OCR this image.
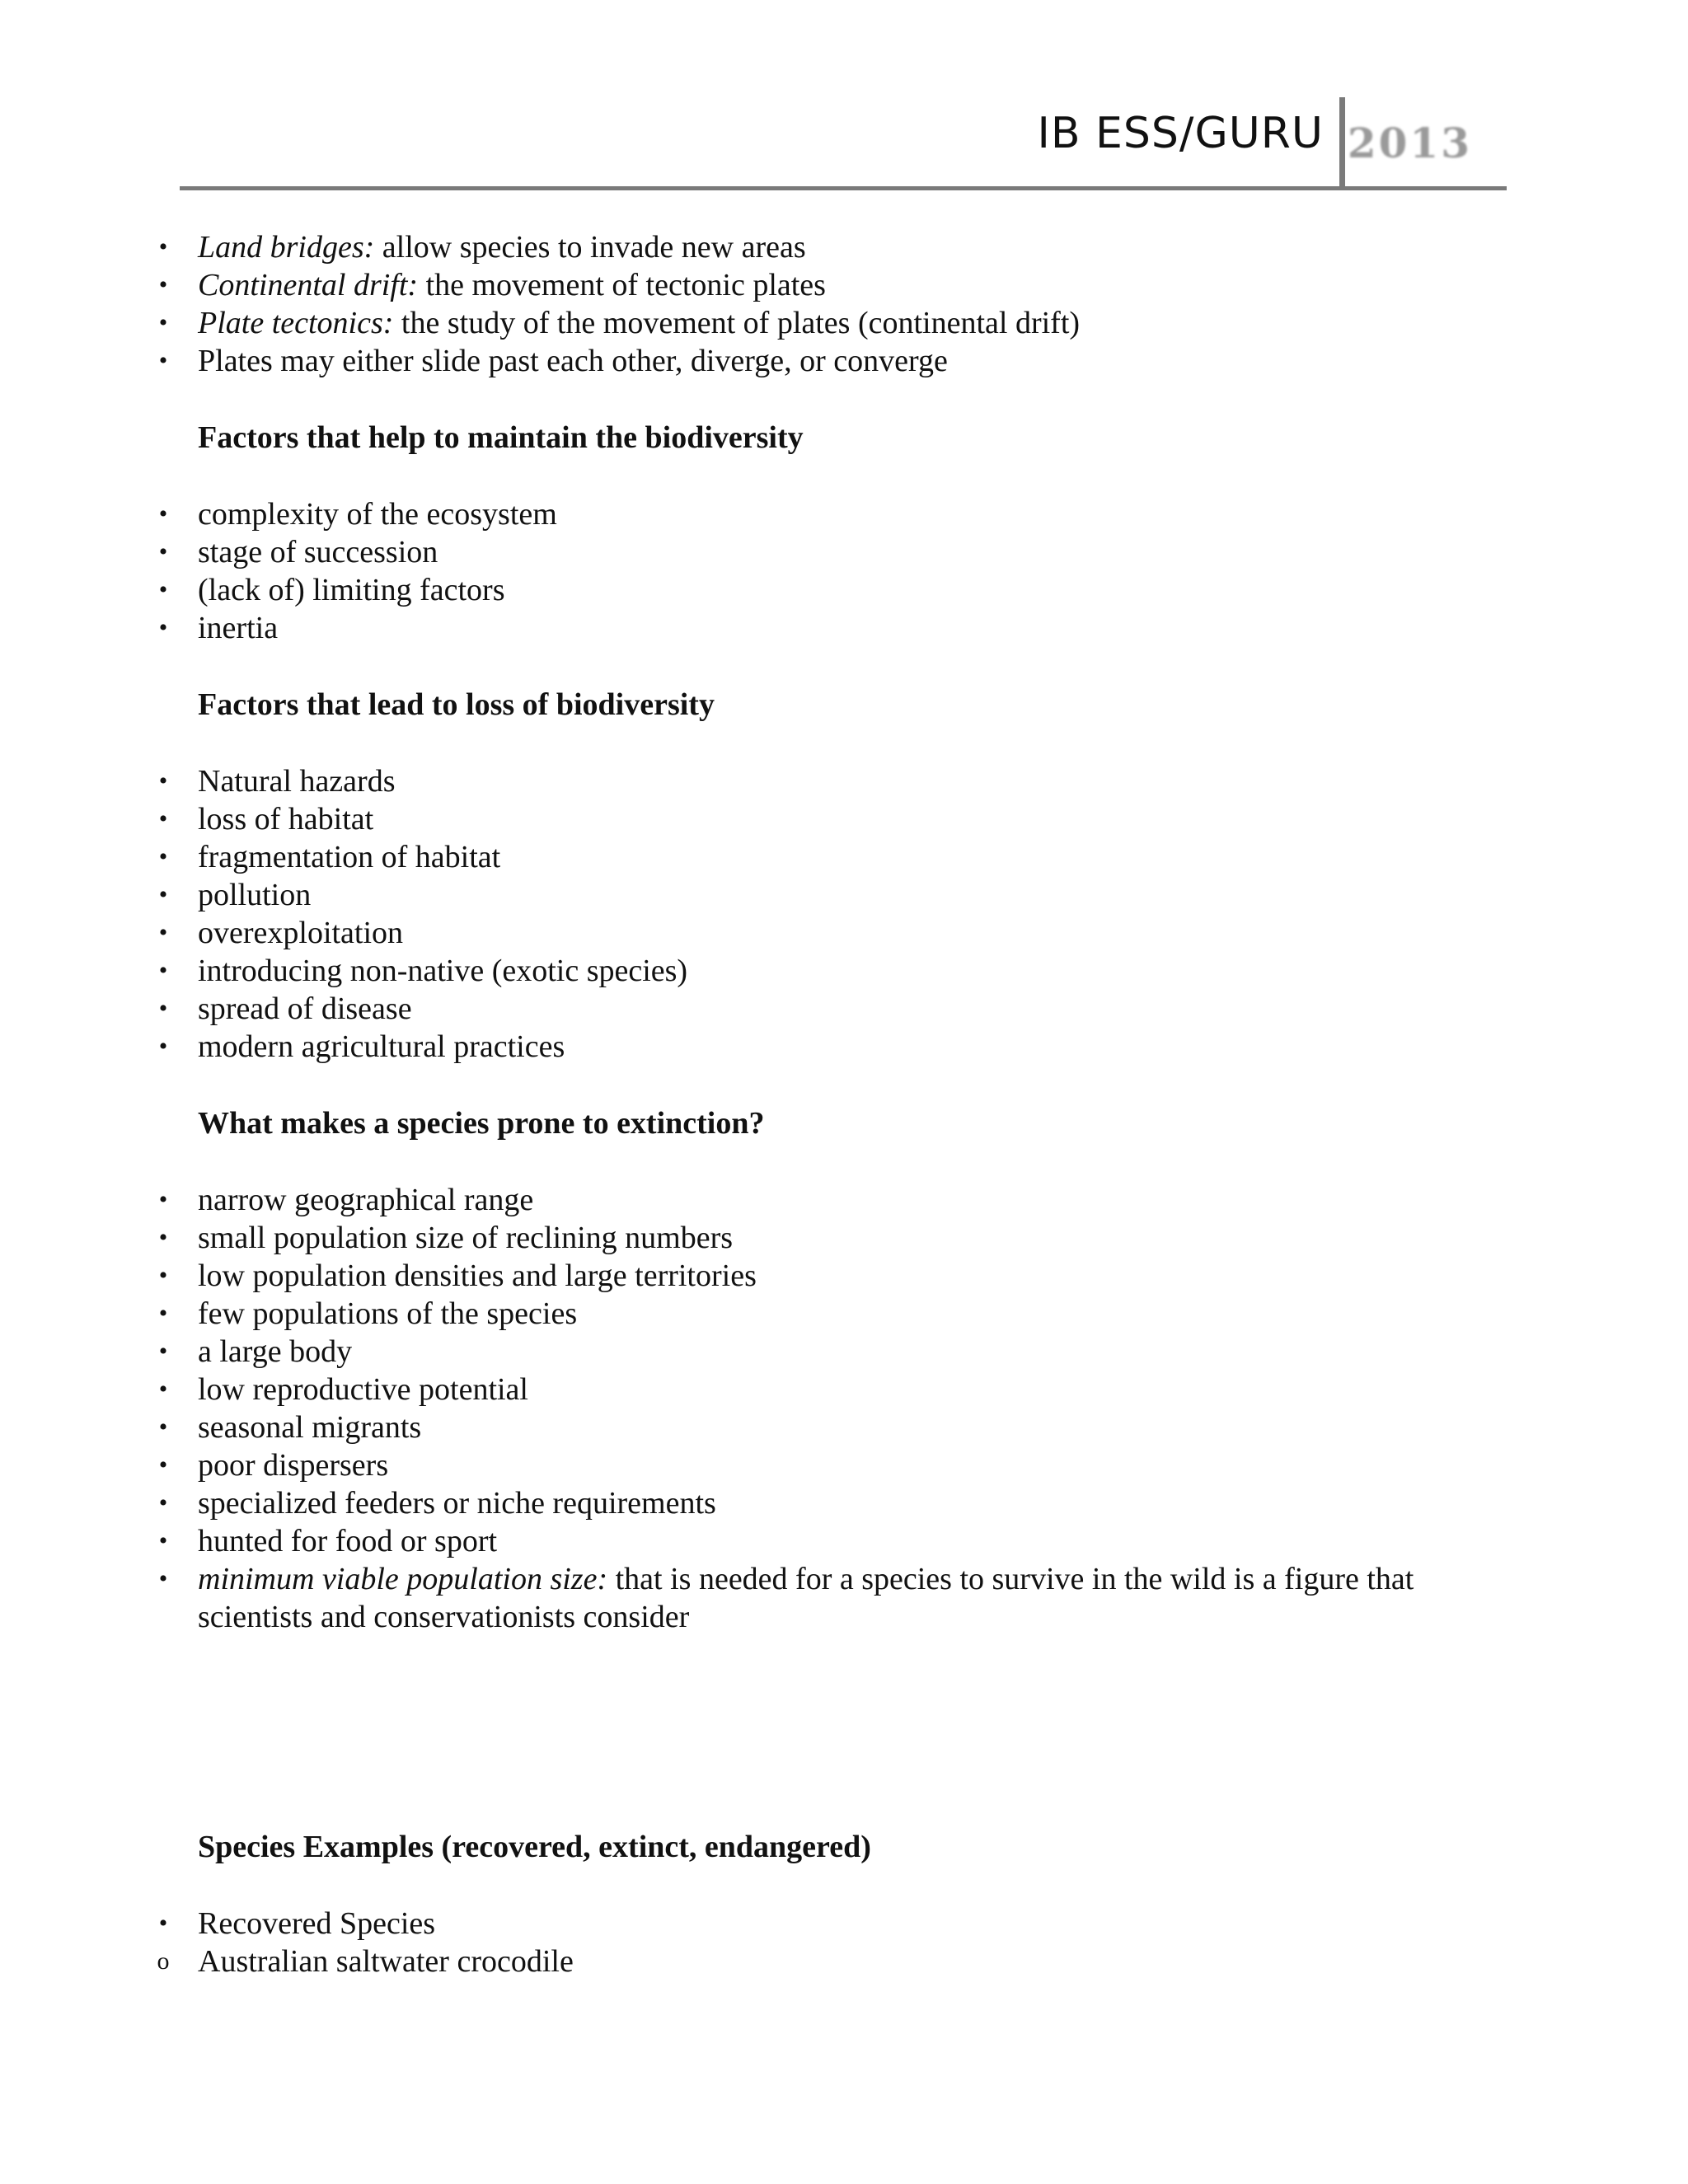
IB ESS/GURU 2013
• Land bridges: allow species to invade new areas
• Continental drift: the movement of tectonic plates
• Plate tectonics: the study of the movement of plates (continental drift)
• Plates may either slide past each other, diverge, or converge
Factors that help to maintain the biodiversity
• complexity of the ecosystem
• stage of succession
• (lack of) limiting factors
• inertia
Factors that lead to loss of biodiversity
• Natural hazards
• loss of habitat
• fragmentation of habitat
• pollution
• overexploitation
• introducing non-native (exotic species)
• spread of disease
• modern agricultural practices
What makes a species prone to extinction?
• narrow geographical range
• small population size of reclining numbers
• low population densities and large territories
• few populations of the species
• a large body
• low reproductive potential
• seasonal migrants
• poor dispersers
• specialized feeders or niche requirements
• hunted for food or sport
• minimum viable population size: that is needed for a species to survive in the wild is a figure that
scientists and conservationists consider
Species Examples (recovered, extinct, endangered)
• Recovered Species
o Australian saltwater crocodile
